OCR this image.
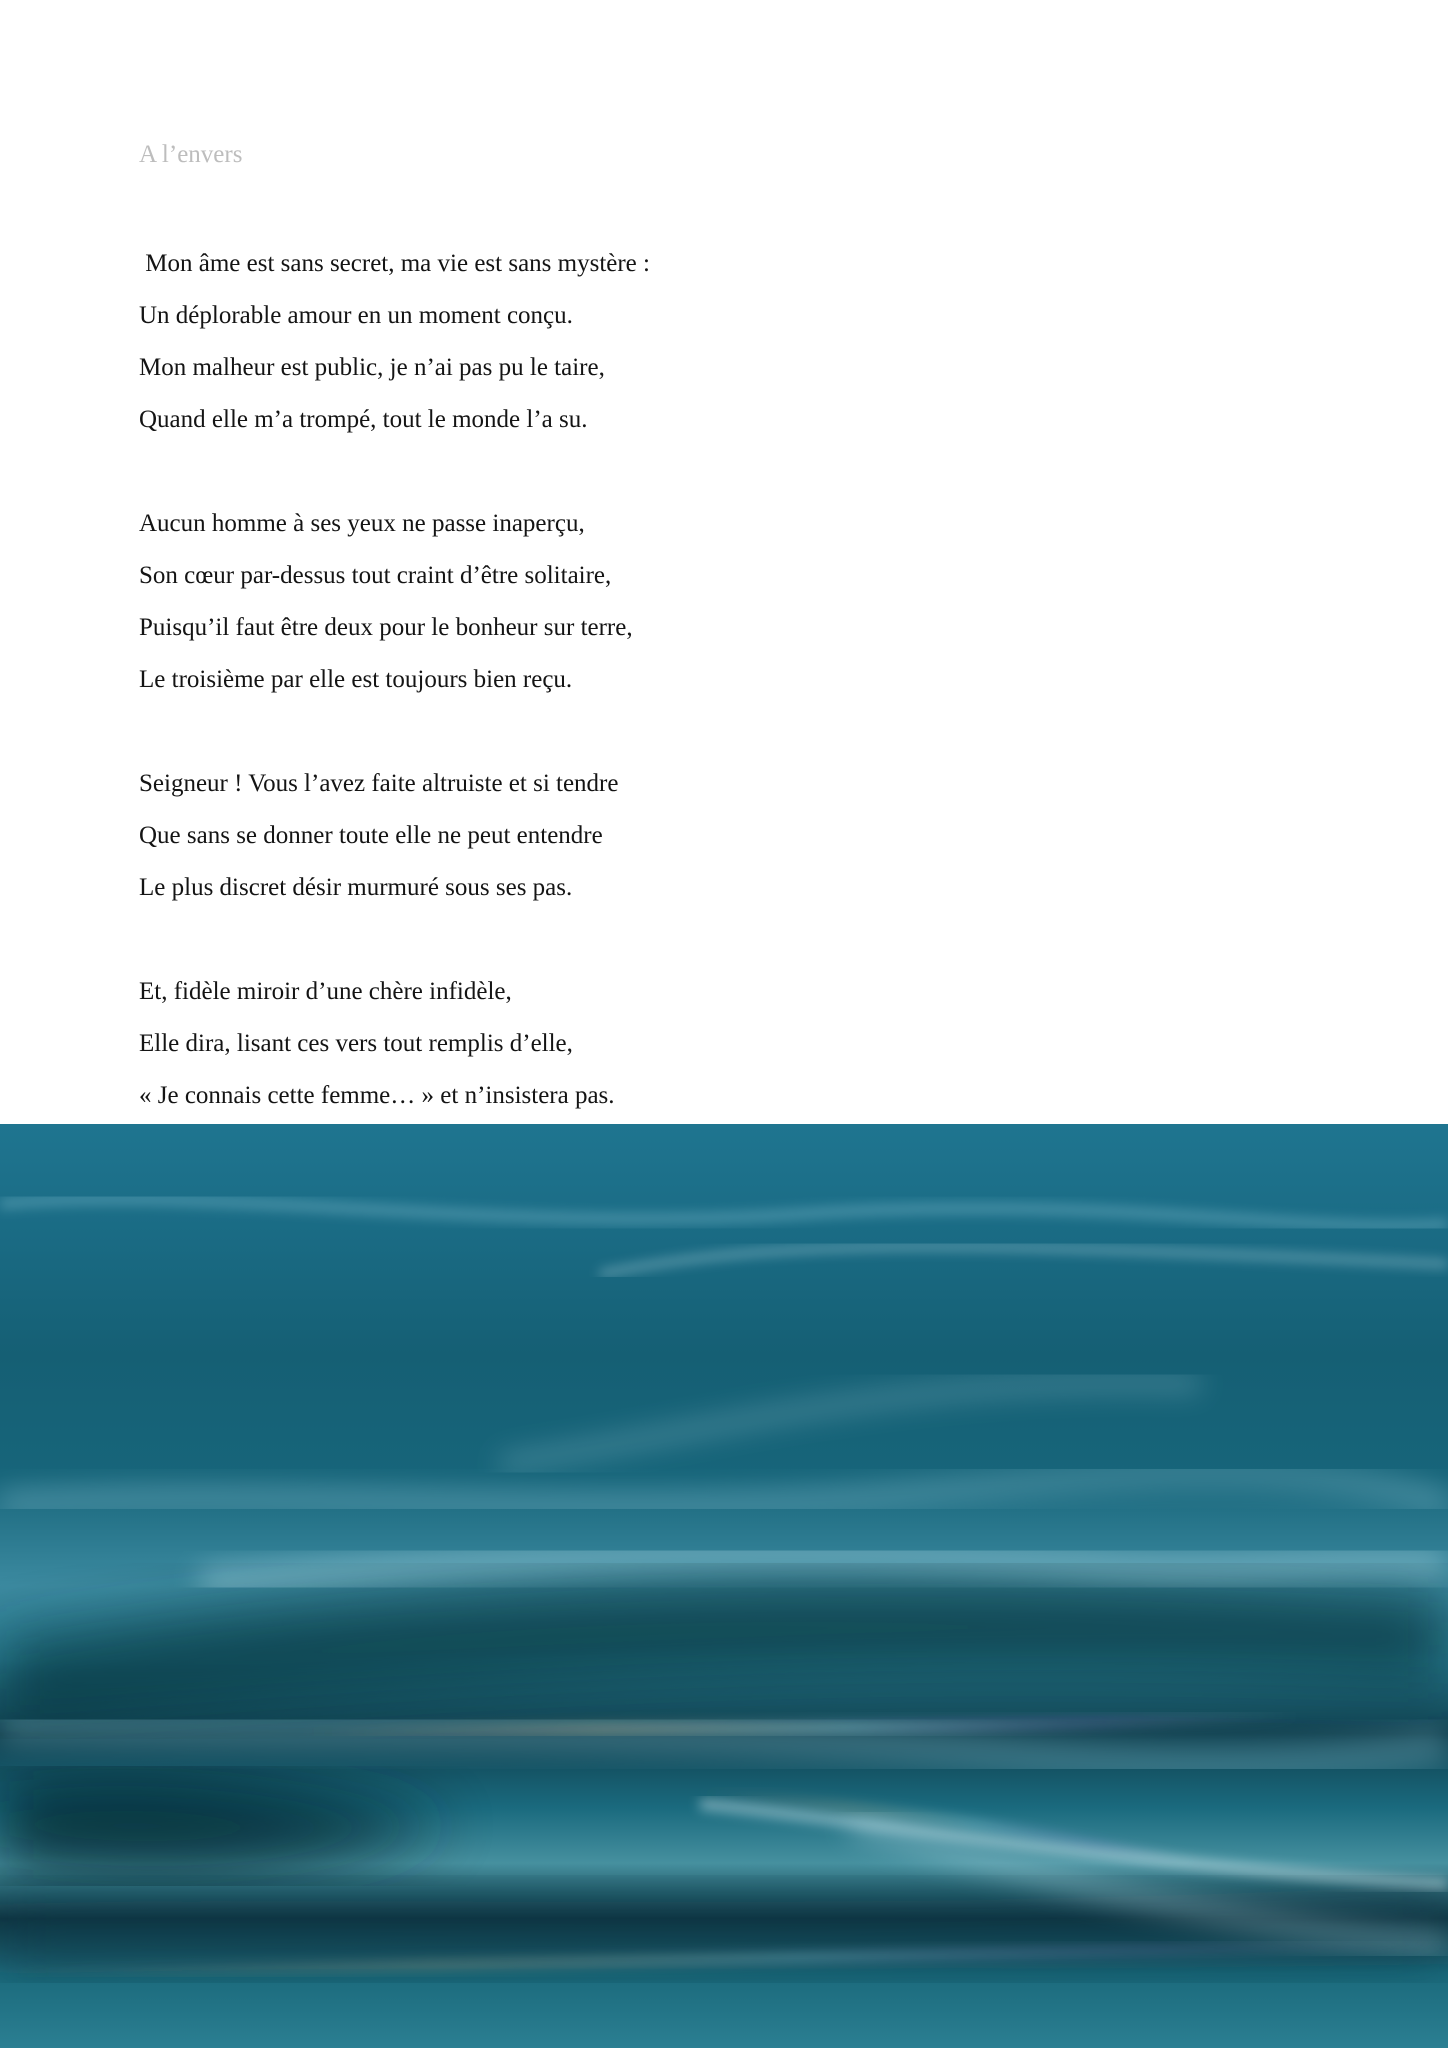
A l’envers

Mon âme est sans secret, ma vie est sans mystère :

Un déplorable amour en un moment conçu.

Mon malheur est public, je n’ai pas pu le taire,

Quand elle m’a trompé, tout le monde l’a su.

Aucun homme à ses yeux ne passe inaperçu,

Son cœur par-dessus tout craint d’être solitaire,

Puisqu’il faut être deux pour le bonheur sur terre,

Le troisième par elle est toujours bien reçu.

Seigneur ! Vous l’avez faite altruiste et si tendre

Que sans se donner toute elle ne peut entendre

Le plus discret désir murmuré sous ses pas.

Et, fidèle miroir d’une chère infidèle,

Elle dira, lisant ces vers tout remplis d’elle,

« Je connais cette femme… » et n’insistera pas.
